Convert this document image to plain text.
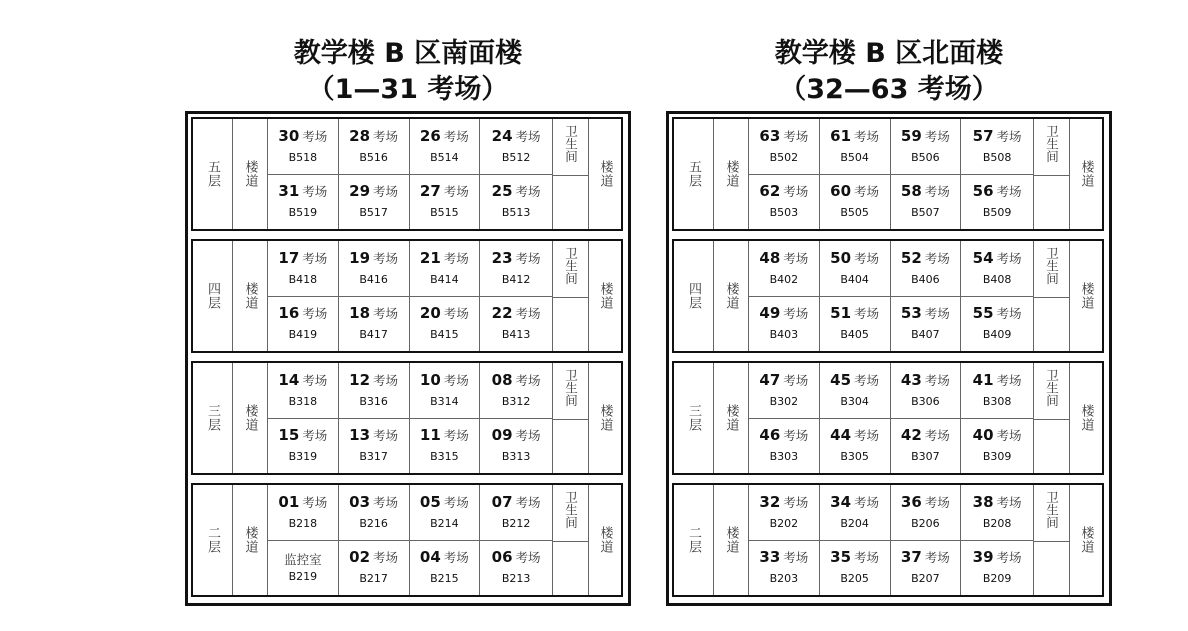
教学楼 B 区南面楼
（1—31 考场）
五层 楼道
30 考场
B518
28 考场
B516
26 考场
B514
24 考场
B512
31 考场
B519
29 考场
B517
27 考场
B515
25 考场
B513
卫生间
楼道
四层 楼道
17 考场
B418
19 考场
B416
21 考场
B414
23 考场
B412
16 考场
B419
18 考场
B417
20 考场
B415
22 考场
B413
卫生间
楼道
三层 楼道
14 考场
B318
12 考场
B316
10 考场
B314
08 考场
B312
15 考场
B319
13 考场
B317
11 考场
B315
09 考场
B313
卫生间
楼道
二层 楼道
01 考场
B218
03 考场
B216
05 考场
B214
07 考场
B212
监控室
B219
02 考场
B217
04 考场
B215
06 考场
B213
卫生间
楼道
教学楼 B 区北面楼
（32—63 考场）
五层 楼道
63 考场
B502
61 考场
B504
59 考场
B506
57 考场
B508
62 考场
B503
60 考场
B505
58 考场
B507
56 考场
B509
卫生间
楼道
四层 楼道
48 考场
B402
50 考场
B404
52 考场
B406
54 考场
B408
49 考场
B403
51 考场
B405
53 考场
B407
55 考场
B409
卫生间
楼道
三层 楼道
47 考场
B302
45 考场
B304
43 考场
B306
41 考场
B308
46 考场
B303
44 考场
B305
42 考场
B307
40 考场
B309
卫生间
楼道
二层 楼道
32 考场
B202
34 考场
B204
36 考场
B206
38 考场
B208
33 考场
B203
35 考场
B205
37 考场
B207
39 考场
B209
卫生间
楼道
